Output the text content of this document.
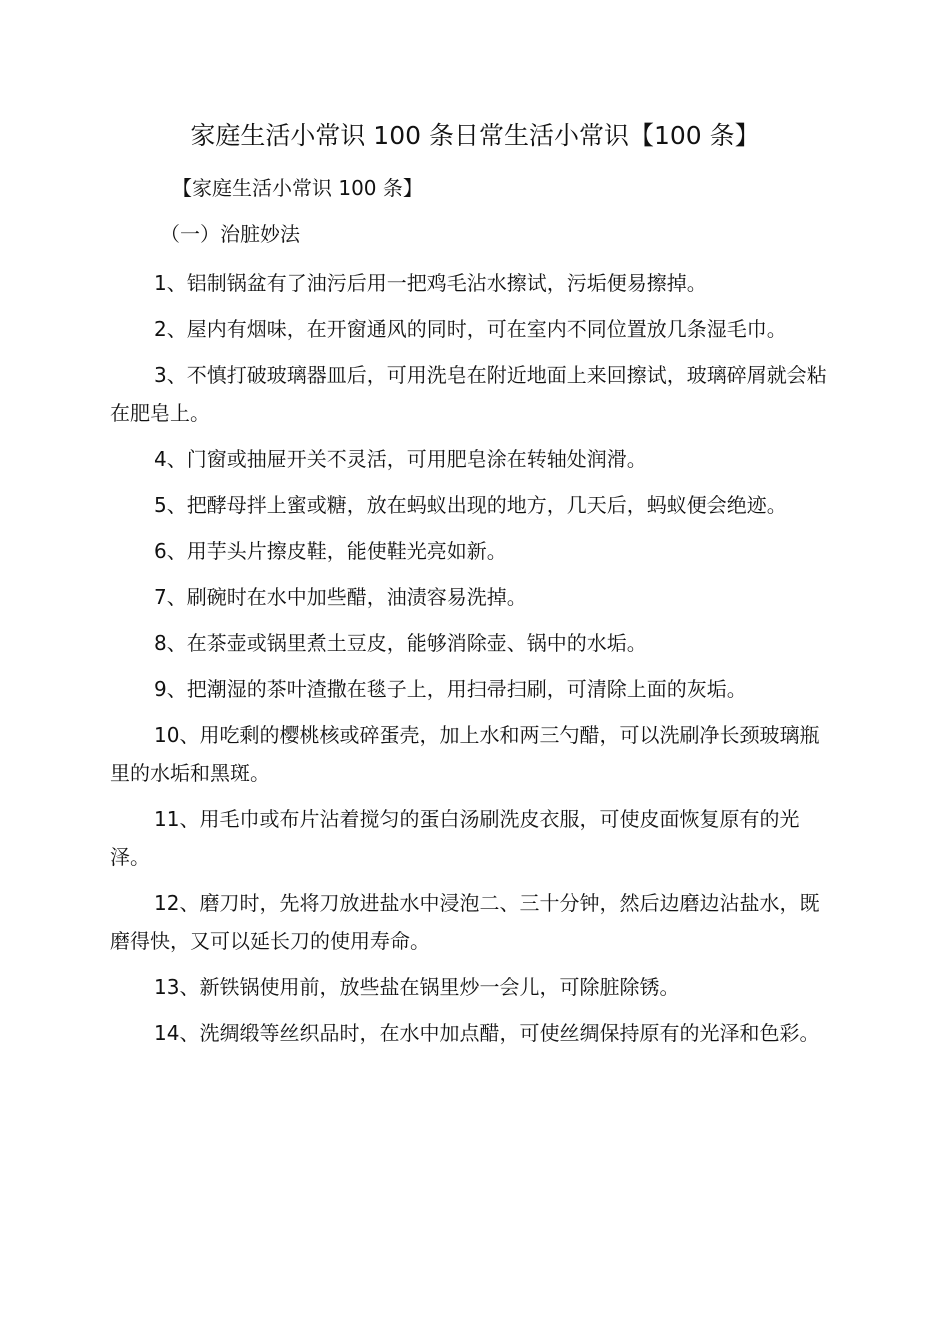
家庭生活小常识 100 条日常生活小常识【100 条】
【家庭生活小常识 100 条】
（一）治脏妙法
1、铝制锅盆有了油污后用一把鸡毛沾水擦试，污垢便易擦掉。
2、屋内有烟味，在开窗通风的同时，可在室内不同位置放几条湿毛巾。
3、不慎打破玻璃器皿后，可用洗皂在附近地面上来回擦试，玻璃碎屑就会粘在肥皂上。
4、门窗或抽屉开关不灵活，可用肥皂涂在转轴处润滑。
5、把酵母拌上蜜或糖，放在蚂蚁出现的地方，几天后，蚂蚁便会绝迹。
6、用芋头片擦皮鞋，能使鞋光亮如新。
7、刷碗时在水中加些醋，油渍容易洗掉。
8、在茶壶或锅里煮土豆皮，能够消除壶、锅中的水垢。
9、把潮湿的茶叶渣撒在毯子上，用扫帚扫刷，可清除上面的灰垢。
10、用吃剩的樱桃核或碎蛋壳，加上水和两三勺醋，可以洗刷净长颈玻璃瓶里的水垢和黑斑。
11、用毛巾或布片沾着搅匀的蛋白汤刷洗皮衣服，可使皮面恢复原有的光泽。
12、磨刀时，先将刀放进盐水中浸泡二、三十分钟，然后边磨边沾盐水，既磨得快，又可以延长刀的使用寿命。
13、新铁锅使用前，放些盐在锅里炒一会儿，可除脏除锈。
14、洗绸缎等丝织品时，在水中加点醋，可使丝绸保持原有的光泽和色彩。
